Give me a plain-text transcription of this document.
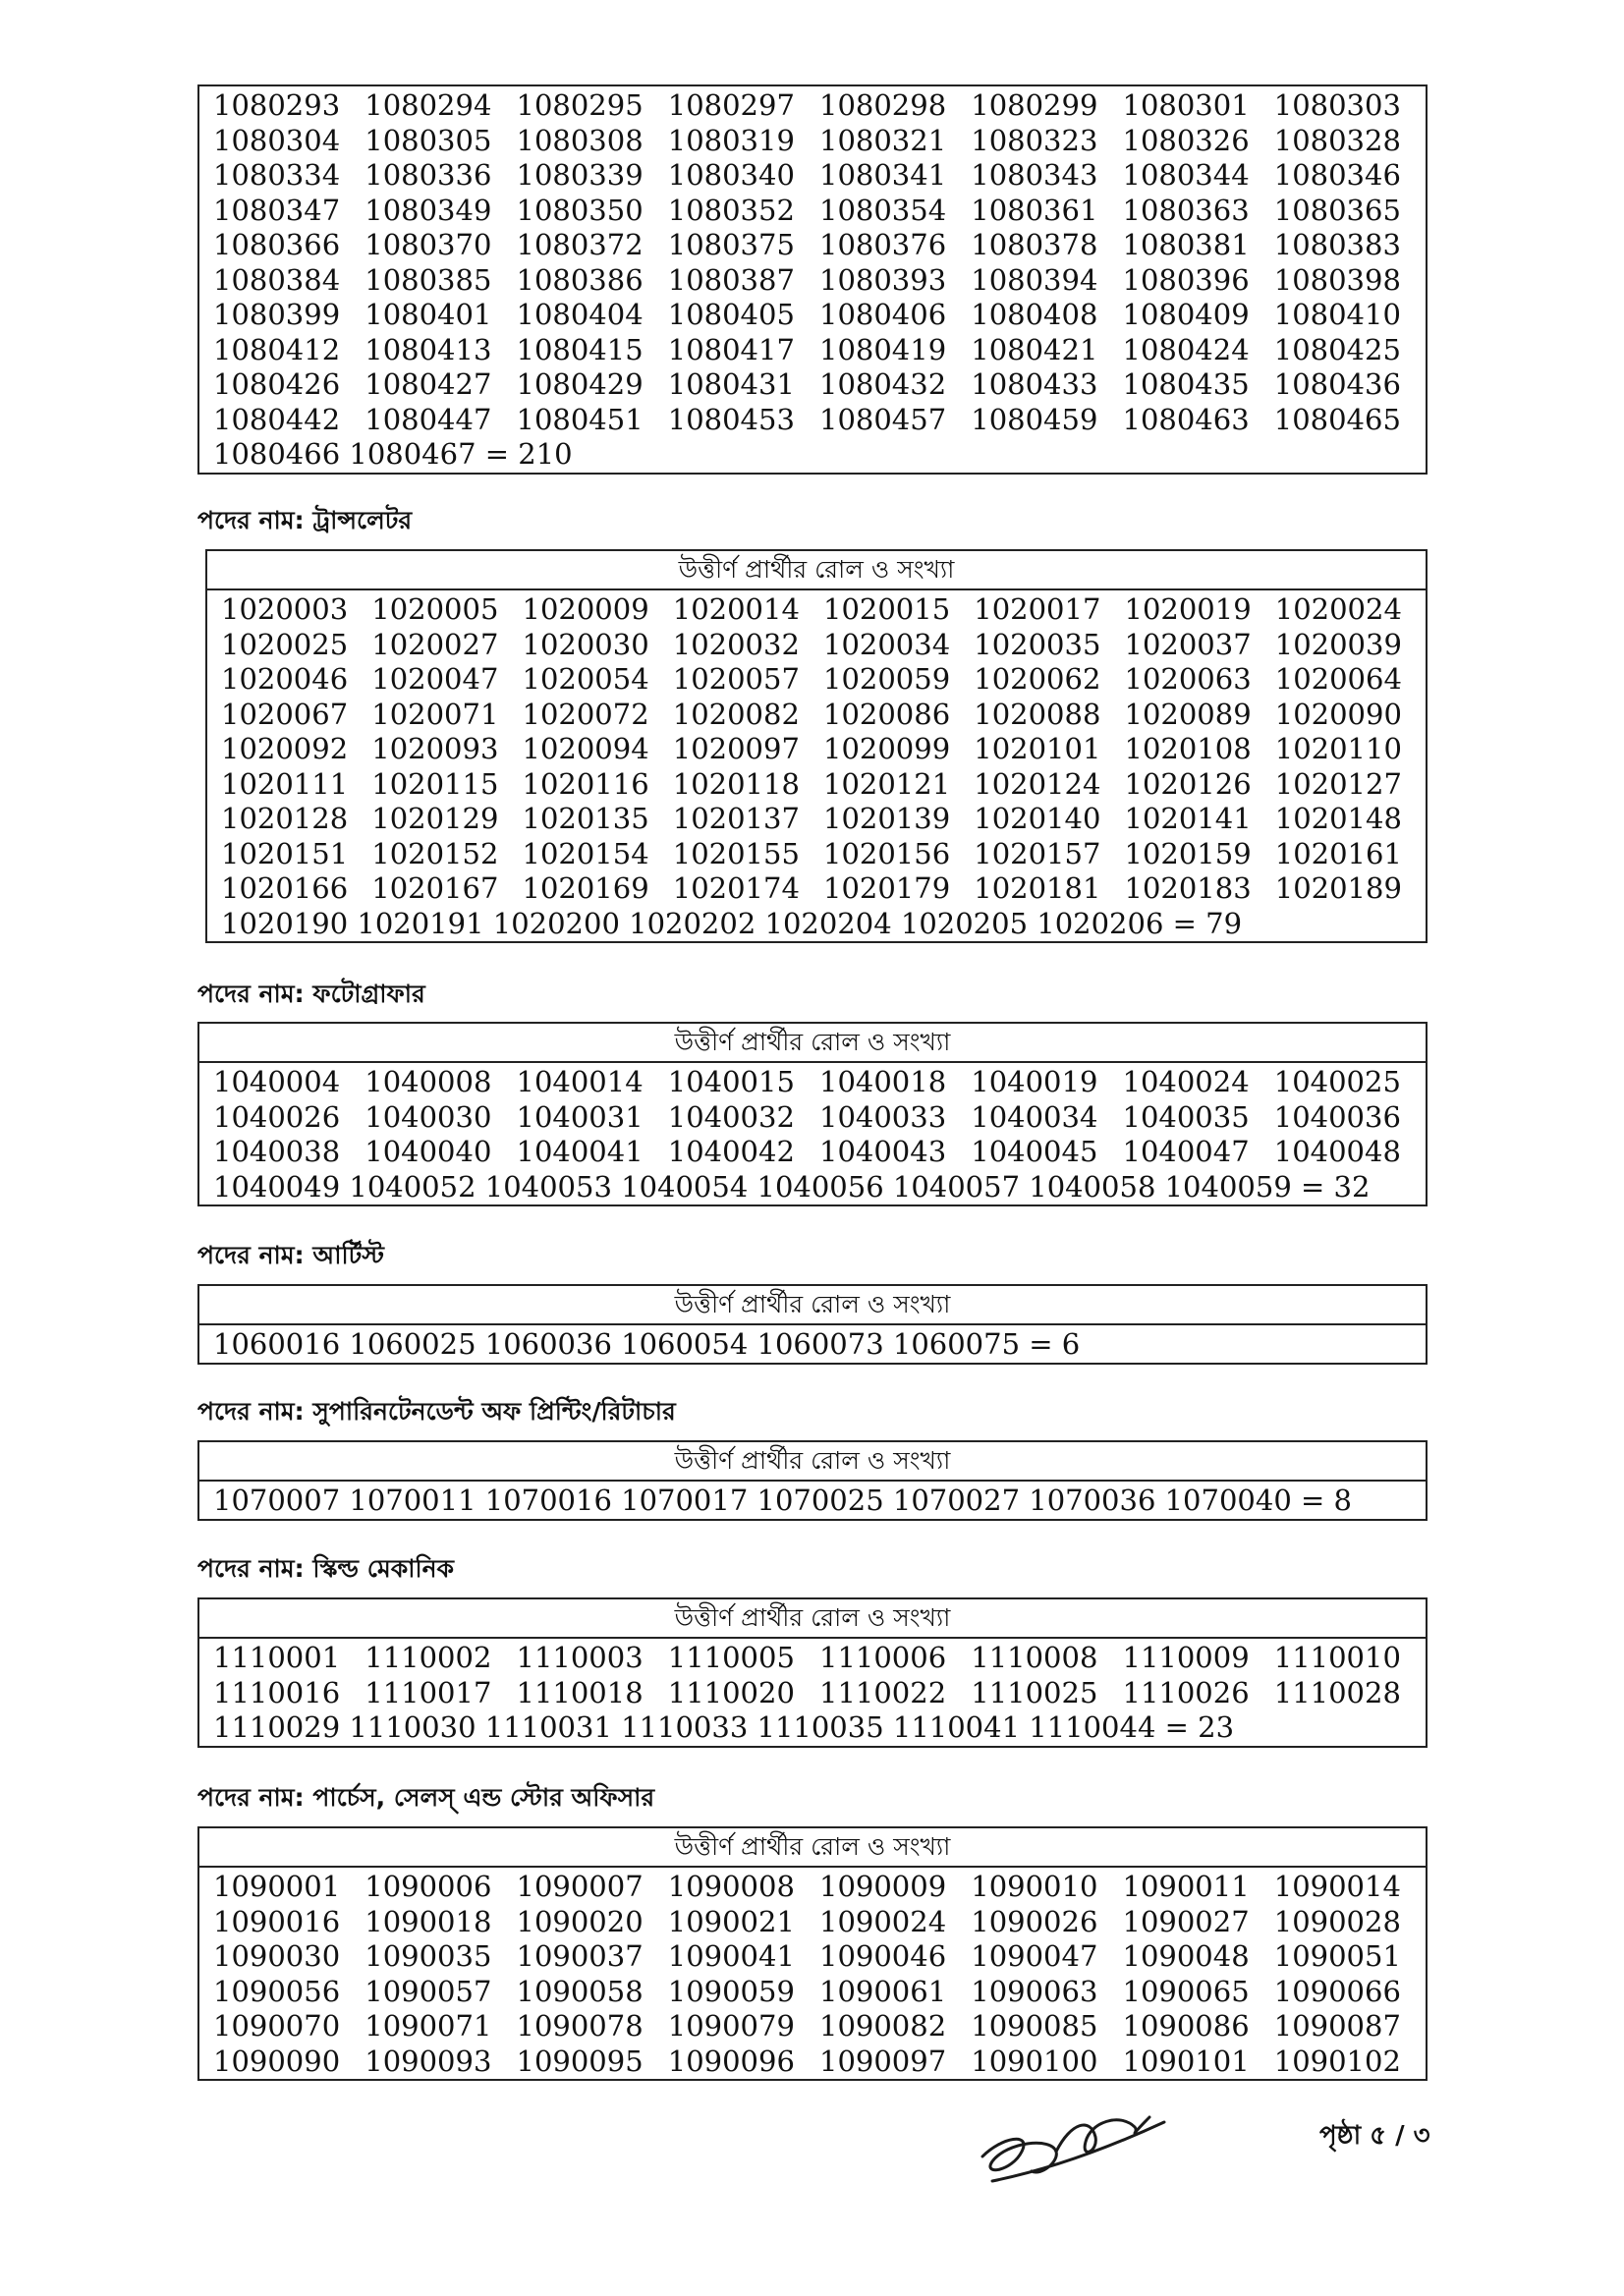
1080293 1080294 1080295 1080297 1080298 1080299 1080301 1080303
1080304 1080305 1080308 1080319 1080321 1080323 1080326 1080328
1080334 1080336 1080339 1080340 1080341 1080343 1080344 1080346
1080347 1080349 1080350 1080352 1080354 1080361 1080363 1080365
1080366 1080370 1080372 1080375 1080376 1080378 1080381 1080383
1080384 1080385 1080386 1080387 1080393 1080394 1080396 1080398
1080399 1080401 1080404 1080405 1080406 1080408 1080409 1080410
1080412 1080413 1080415 1080417 1080419 1080421 1080424 1080425
1080426 1080427 1080429 1080431 1080432 1080433 1080435 1080436
1080442 1080447 1080451 1080453 1080457 1080459 1080463 1080465
1080466 1080467 = 210
পদের নাম: ট্রান্সলেটর
উত্তীর্ণ প্রার্থীর রোল ও সংখ্যা
1020003 1020005 1020009 1020014 1020015 1020017 1020019 1020024
1020025 1020027 1020030 1020032 1020034 1020035 1020037 1020039
1020046 1020047 1020054 1020057 1020059 1020062 1020063 1020064
1020067 1020071 1020072 1020082 1020086 1020088 1020089 1020090
1020092 1020093 1020094 1020097 1020099 1020101 1020108 1020110
1020111 1020115 1020116 1020118 1020121 1020124 1020126 1020127
1020128 1020129 1020135 1020137 1020139 1020140 1020141 1020148
1020151 1020152 1020154 1020155 1020156 1020157 1020159 1020161
1020166 1020167 1020169 1020174 1020179 1020181 1020183 1020189
1020190 1020191 1020200 1020202 1020204 1020205 1020206 = 79
পদের নাম: ফটোগ্রাফার
উত্তীর্ণ প্রার্থীর রোল ও সংখ্যা
1040004 1040008 1040014 1040015 1040018 1040019 1040024 1040025
1040026 1040030 1040031 1040032 1040033 1040034 1040035 1040036
1040038 1040040 1040041 1040042 1040043 1040045 1040047 1040048
1040049 1040052 1040053 1040054 1040056 1040057 1040058 1040059 = 32
পদের নাম: আর্টিস্ট
উত্তীর্ণ প্রার্থীর রোল ও সংখ্যা
1060016 1060025 1060036 1060054 1060073 1060075 = 6
পদের নাম: সুপারিনটেনডেন্ট অফ প্রিন্টিং/রিটাচার
উত্তীর্ণ প্রার্থীর রোল ও সংখ্যা
1070007 1070011 1070016 1070017 1070025 1070027 1070036 1070040 = 8
পদের নাম: স্কিল্ড মেকানিক
উত্তীর্ণ প্রার্থীর রোল ও সংখ্যা
1110001 1110002 1110003 1110005 1110006 1110008 1110009 1110010
1110016 1110017 1110018 1110020 1110022 1110025 1110026 1110028
1110029 1110030 1110031 1110033 1110035 1110041 1110044 = 23
পদের নাম: পার্চেস, সেলস্ এন্ড স্টোর অফিসার
উত্তীর্ণ প্রার্থীর রোল ও সংখ্যা
1090001 1090006 1090007 1090008 1090009 1090010 1090011 1090014
1090016 1090018 1090020 1090021 1090024 1090026 1090027 1090028
1090030 1090035 1090037 1090041 1090046 1090047 1090048 1090051
1090056 1090057 1090058 1090059 1090061 1090063 1090065 1090066
1090070 1090071 1090078 1090079 1090082 1090085 1090086 1090087
1090090 1090093 1090095 1090096 1090097 1090100 1090101 1090102
পৃষ্ঠা ৫ / ৩
